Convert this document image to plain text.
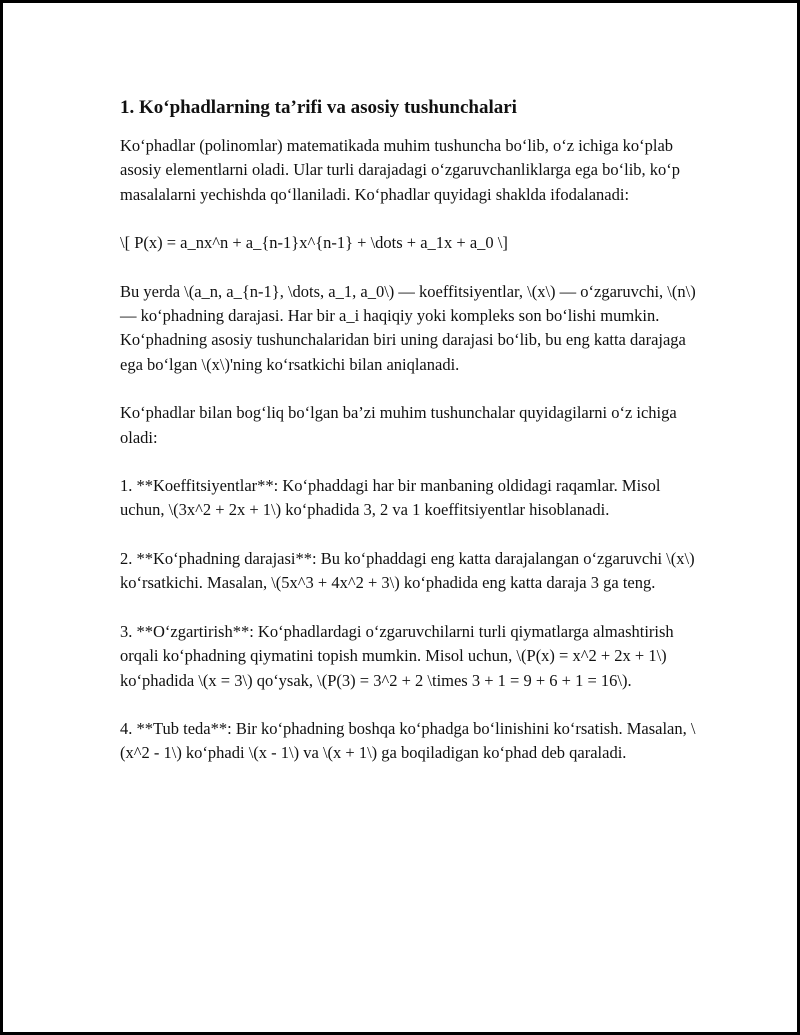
1. Ko‘phadlarning ta’rifi va asosiy tushunchalari

Ko‘phadlar (polinomlar) matematikada muhim tushuncha bo‘lib, o‘z ichiga ko‘plab asosiy elementlarni oladi. Ular turli darajadagi o‘zgaruvchanliklarga ega bo‘lib, ko‘p masalalarni yechishda qo‘llaniladi. Ko‘phadlar quyidagi shaklda ifodalanadi:

\[ P(x) = a_nx^n + a_{n-1}x^{n-1} + \dots + a_1x + a_0 \]

Bu yerda \(a_n, a_{n-1}, \dots, a_1, a_0\) — koeffitsiyentlar, \(x\) — o‘zgaruvchi, \(n\) — ko‘phadning darajasi. Har bir a_i haqiqiy yoki kompleks son bo‘lishi mumkin. Ko‘phadning asosiy tushunchalaridan biri uning darajasi bo‘lib, bu eng katta darajaga ega bo‘lgan \(x\)'ning ko‘rsatkichi bilan aniqlanadi.

Ko‘phadlar bilan bog‘liq bo‘lgan ba’zi muhim tushunchalar quyidagilarni o‘z ichiga oladi:

1. **Koeffitsiyentlar**: Ko‘phaddagi har bir manbaning oldidagi raqamlar. Misol uchun, \(3x^2 + 2x + 1\) ko‘phadida 3, 2 va 1 koeffitsiyentlar hisoblanadi.

2. **Ko‘phadning darajasi**: Bu ko‘phaddagi eng katta darajalangan o‘zgaruvchi \(x\) ko‘rsatkichi. Masalan, \(5x^3 + 4x^2 + 3\) ko‘phadida eng katta daraja 3 ga teng.

3. **O‘zgartirish**: Ko‘phadlardagi o‘zgaruvchilarni turli qiymatlarga almashtirish orqali ko‘phadning qiymatini topish mumkin. Misol uchun, \(P(x) = x^2 + 2x + 1\) ko‘phadida \(x = 3\) qo‘ysak, \(P(3) = 3^2 + 2 \times 3 + 1 = 9 + 6 + 1 = 16\).

4. **Tub teda**: Bir ko‘phadning boshqa ko‘phadga bo‘linishini ko‘rsatish. Masalan, \(x^2 - 1\) ko‘phadi \(x - 1\) va \(x + 1\) ga boqiladigan ko‘phad deb qaraladi.
